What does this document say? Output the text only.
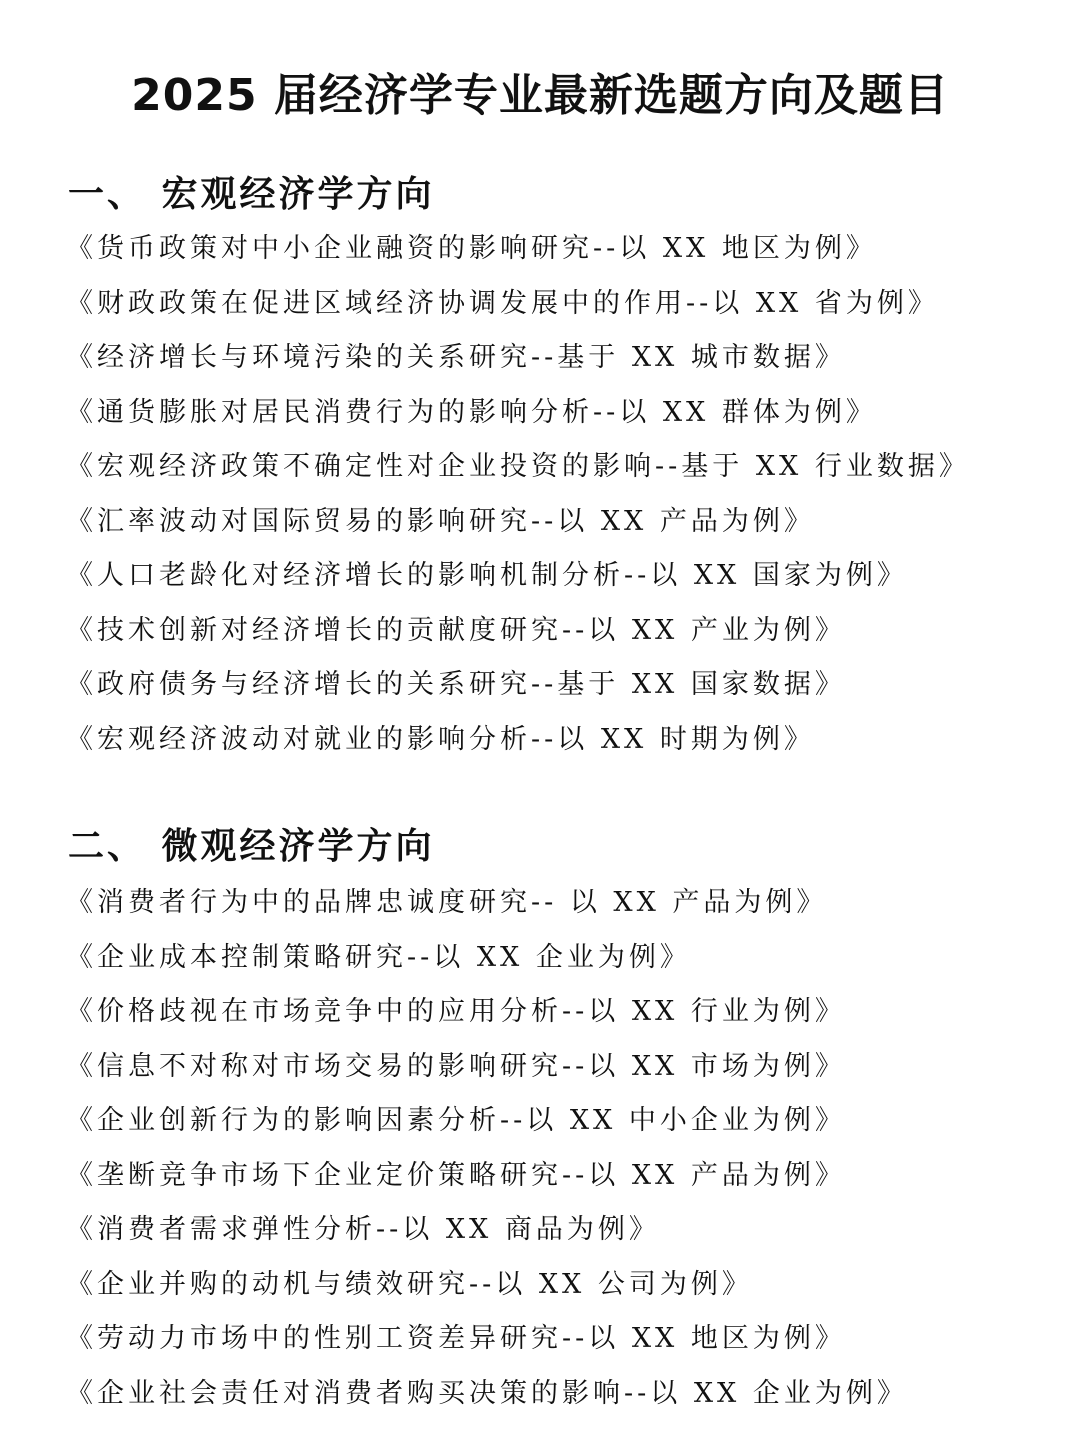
2025 届经济学专业最新选题方向及题目
一、 宏观经济学方向
《货币政策对中小企业融资的影响研究--以 XX 地区为例》
《财政政策在促进区域经济协调发展中的作用--以 XX 省为例》
《经济增长与环境污染的关系研究--基于 XX 城市数据》
《通货膨胀对居民消费行为的影响分析--以 XX 群体为例》
《宏观经济政策不确定性对企业投资的影响--基于 XX 行业数据》
《汇率波动对国际贸易的影响研究--以 XX 产品为例》
《人口老龄化对经济增长的影响机制分析--以 XX 国家为例》
《技术创新对经济增长的贡献度研究--以 XX 产业为例》
《政府债务与经济增长的关系研究--基于 XX 国家数据》
《宏观经济波动对就业的影响分析--以 XX 时期为例》
二、 微观经济学方向
《消费者行为中的品牌忠诚度研究-- 以 XX 产品为例》
《企业成本控制策略研究--以 XX 企业为例》
《价格歧视在市场竞争中的应用分析--以 XX 行业为例》
《信息不对称对市场交易的影响研究--以 XX 市场为例》
《企业创新行为的影响因素分析--以 XX 中小企业为例》
《垄断竞争市场下企业定价策略研究--以 XX 产品为例》
《消费者需求弹性分析--以 XX 商品为例》
《企业并购的动机与绩效研究--以 XX 公司为例》
《劳动力市场中的性别工资差异研究--以 XX 地区为例》
《企业社会责任对消费者购买决策的影响--以 XX 企业为例》
